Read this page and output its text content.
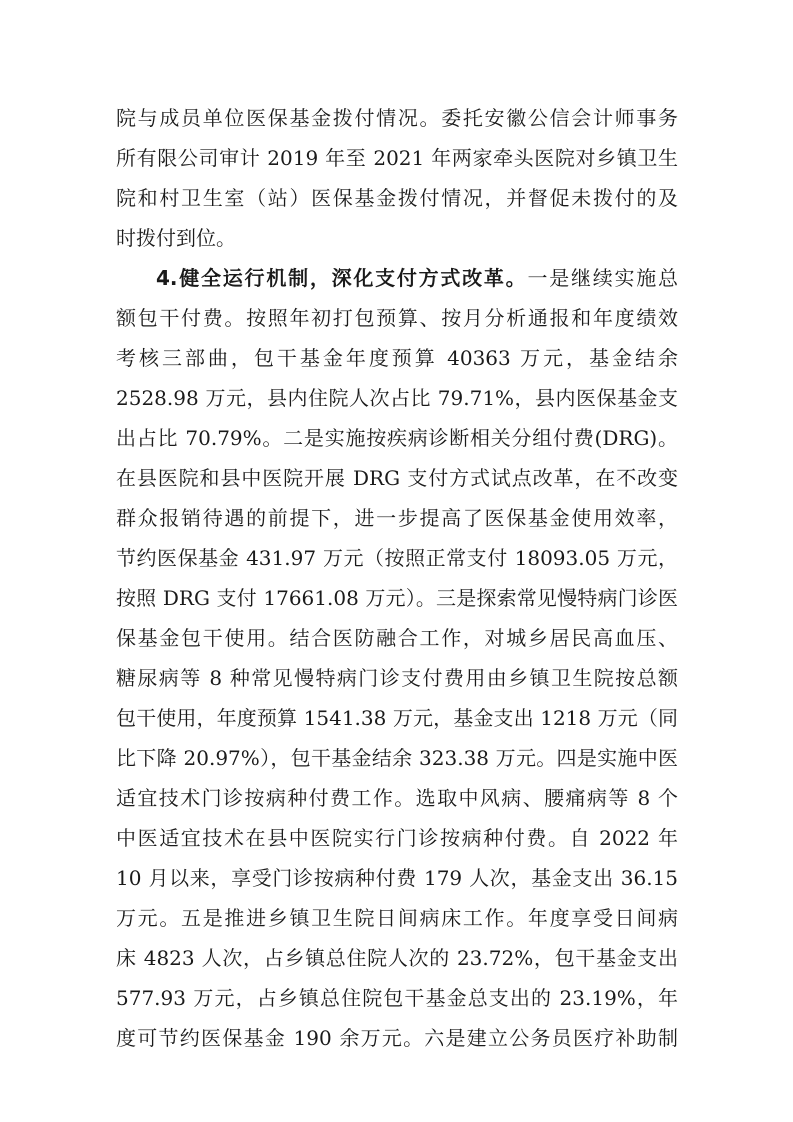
院与成员单位医保基金拨付情况。委托安徽公信会计师事务
所有限公司审计 2019 年至 2021 年两家牵头医院对乡镇卫生
院和村卫生室（站）医保基金拨付情况，并督促未拨付的及
时拨付到位。
4.健全运行机制，深化支付方式改革。一是继续实施总
额包干付费。按照年初打包预算、按月分析通报和年度绩效
考核三部曲，包干基金年度预算 40363 万元，基金结余
2528.98 万元，县内住院人次占比 79.71%，县内医保基金支
出占比 70.79%。二是实施按疾病诊断相关分组付费(DRG)。
在县医院和县中医院开展 DRG 支付方式试点改革，在不改变
群众报销待遇的前提下，进一步提高了医保基金使用效率，
节约医保基金 431.97 万元（按照正常支付 18093.05 万元，
按照 DRG 支付 17661.08 万元）。三是探索常见慢特病门诊医
保基金包干使用。结合医防融合工作，对城乡居民高血压、
糖尿病等 8 种常见慢特病门诊支付费用由乡镇卫生院按总额
包干使用，年度预算 1541.38 万元，基金支出 1218 万元（同
比下降 20.97%），包干基金结余 323.38 万元。四是实施中医
适宜技术门诊按病种付费工作。选取中风病、腰痛病等 8 个
中医适宜技术在县中医院实行门诊按病种付费。自 2022 年
10 月以来，享受门诊按病种付费 179 人次，基金支出 36.15
万元。五是推进乡镇卫生院日间病床工作。年度享受日间病
床 4823 人次，占乡镇总住院人次的 23.72%，包干基金支出
577.93 万元，占乡镇总住院包干基金总支出的 23.19%，年
度可节约医保基金 190 余万元。六是建立公务员医疗补助制
